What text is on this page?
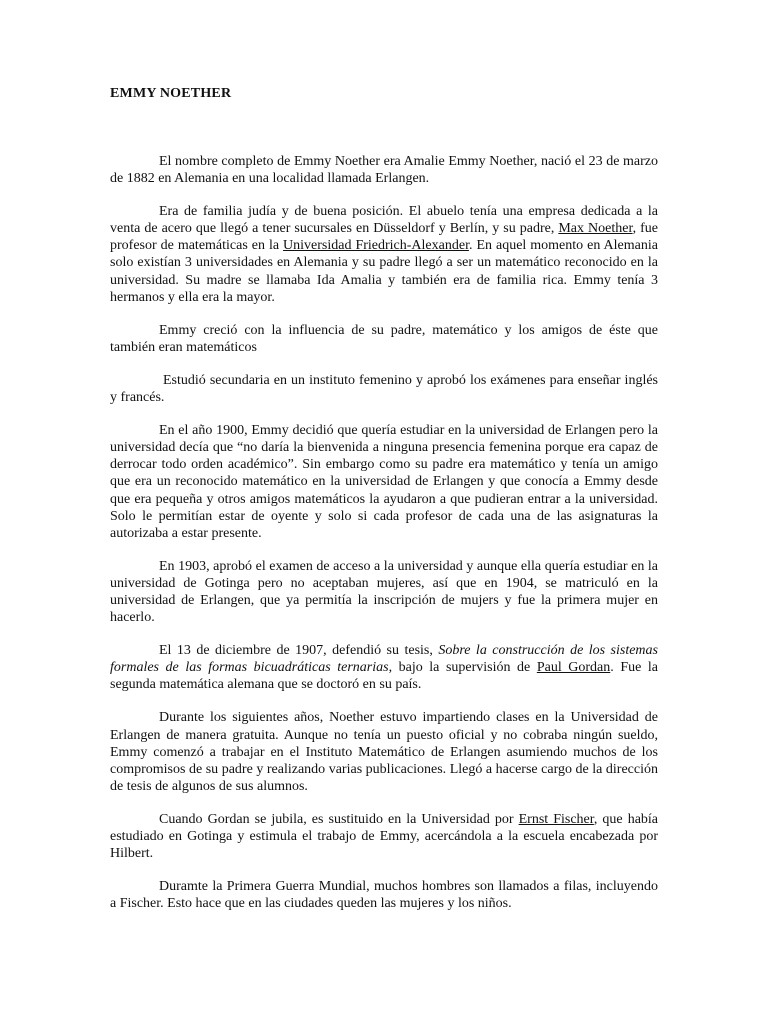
EMMY NOETHER

El nombre completo de Emmy Noether era Amalie Emmy Noether, nació el 23 de marzo de 1882 en Alemania en una localidad llamada Erlangen.

Era de familia judía y de buena posición. El abuelo tenía una empresa dedicada a la venta de acero que llegó a tener sucursales en Düsseldorf y Berlín, y su padre, Max Noether, fue profesor de matemáticas en la Universidad Friedrich-Alexander. En aquel momento en Alemania solo existían 3 universidades en Alemania y su padre llegó a ser un matemático reconocido en la universidad. Su madre se llamaba Ida Amalia y también era de familia rica. Emmy tenía 3 hermanos y ella era la mayor.

Emmy creció con la influencia de su padre, matemático y los amigos de éste que también eran matemáticos

Estudió secundaria en un instituto femenino y aprobó los exámenes para enseñar inglés y francés.

En el año 1900, Emmy decidió que quería estudiar en la universidad de Erlangen pero la universidad decía que “no daría la bienvenida a ninguna presencia femenina porque era capaz de derrocar todo orden académico”. Sin embargo como su padre era matemático y tenía un amigo que era un reconocido matemático en la universidad de Erlangen y que conocía a Emmy desde que era pequeña y otros amigos matemáticos la ayudaron a que pudieran entrar a la universidad. Solo le permitían estar de oyente y solo si cada profesor de cada una de las asignaturas la autorizaba a estar presente.

En 1903, aprobó el examen de acceso a la universidad y aunque ella quería estudiar en la universidad de Gotinga pero no aceptaban mujeres, así que en 1904, se matriculó en la universidad de Erlangen, que ya permitía la inscripción de mujers y fue la primera mujer en hacerlo.

El 13 de diciembre de 1907, defendió su tesis, Sobre la construcción de los sistemas formales de las formas bicuadráticas ternarias, bajo la supervisión de Paul Gordan. Fue la segunda matemática alemana que se doctoró en su país.

Durante los siguientes años, Noether estuvo impartiendo clases en la Universidad de Erlangen de manera gratuita. Aunque no tenía un puesto oficial y no cobraba ningún sueldo, Emmy comenzó a trabajar en el Instituto Matemático de Erlangen asumiendo muchos de los compromisos de su padre y realizando varias publicaciones. Llegó a hacerse cargo de la dirección de tesis de algunos de sus alumnos.

Cuando Gordan se jubila, es sustituido en la Universidad por Ernst Fischer, que había estudiado en Gotinga y estimula el trabajo de Emmy, acercándola a la escuela encabezada por Hilbert.

Duramte la Primera Guerra Mundial, muchos hombres son llamados a filas, incluyendo a Fischer. Esto hace que en las ciudades queden las mujeres y los niños.
